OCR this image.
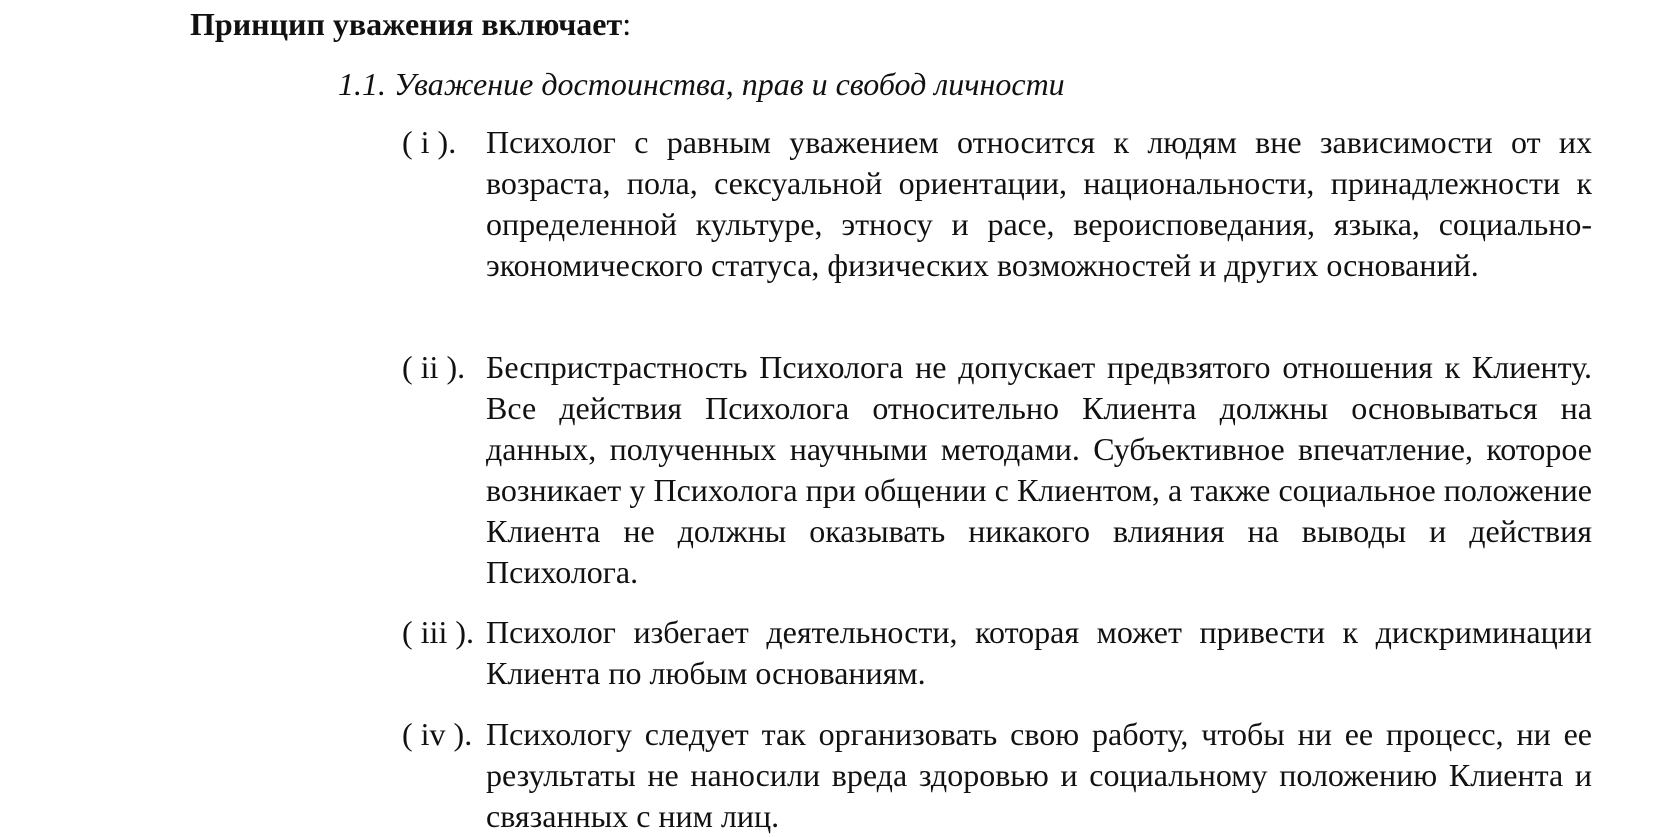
Принцип уважения включает:
1.1. Уважение достоинства, прав и свобод личности
( i ). Психолог с равным уважением относится к людям вне зависимости от их возраста, пола, сексуальной ориентации, национальности, принадлежности к определенной культуре, этносу и расе, вероисповедания, языка, социально-экономического статуса, физических возможностей и других оснований.
( ii ). Беспристрастность Психолога не допускает предвзятого отношения к Клиенту. Все действия Психолога относительно Клиента должны основываться на данных, полученных научными методами. Субъективное впечатление, которое возникает у Психолога при общении с Клиентом, а также социальное положение Клиента не должны оказывать никакого влияния на выводы и действия Психолога.
( iii ). Психолог избегает деятельности, которая может привести к дискриминации Клиента по любым основаниям.
( iv ). Психологу следует так организовать свою работу, чтобы ни ее процесс, ни ее результаты не наносили вреда здоровью и социальному положению Клиента и связанных с ним лиц.
